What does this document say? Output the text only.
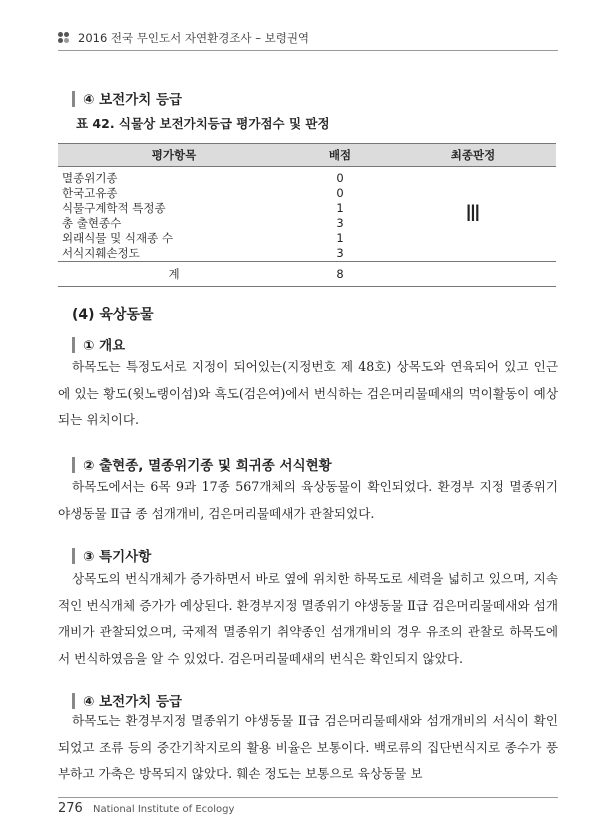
2016 전국 무인도서 자연환경조사 – 보령권역
④ 보전가치 등급
표 42. 식물상 보전가치등급 평가점수 및 판정
평가항목	배점	최종판정
멸종위기종	0	Ⅲ
한국고유종	0	
식물구계학적 특정종	1	
총 출현종수	3	
외래식물 및 식재종 수	1	
서식지훼손정도	3	
계	8	
(4) 육상동물
① 개요
하목도는 특정도서로 지정이 되어있는(지정번호 제 48호) 상목도와 연육되어 있고 인근에 있는 황도(윗노랭이섬)와 흑도(검은여)에서 번식하는 검은머리물떼새의 먹이활동이 예상되는 위치이다.
② 출현종, 멸종위기종 및 희귀종 서식현황
하목도에서는 6목 9과 17종 567개체의 육상동물이 확인되었다. 환경부 지정 멸종위기 야생동물 Ⅱ급 종 섬개개비, 검은머리물떼새가 관찰되었다.
③ 특기사항
상목도의 번식개체가 증가하면서 바로 옆에 위치한 하목도로 세력을 넓히고 있으며, 지속적인 번식개체 증가가 예상된다. 환경부지정 멸종위기 야생동물 Ⅱ급 검은머리물떼새와 섬개개비가 관찰되었으며, 국제적 멸종위기 취약종인 섬개개비의 경우 유조의 관찰로 하목도에서 번식하였음을 알 수 있었다. 검은머리물떼새의 번식은 확인되지 않았다.
④ 보전가치 등급
하목도는 환경부지정 멸종위기 야생동물 Ⅱ급 검은머리물떼새와 섬개개비의 서식이 확인되었고 조류 등의 중간기착지로의 활용 비율은 보통이다. 백로류의 집단번식지로 종수가 풍부하고 가축은 방목되지 않았다. 훼손 정도는 보통으로 육상동물 보
276 National Institute of Ecology
